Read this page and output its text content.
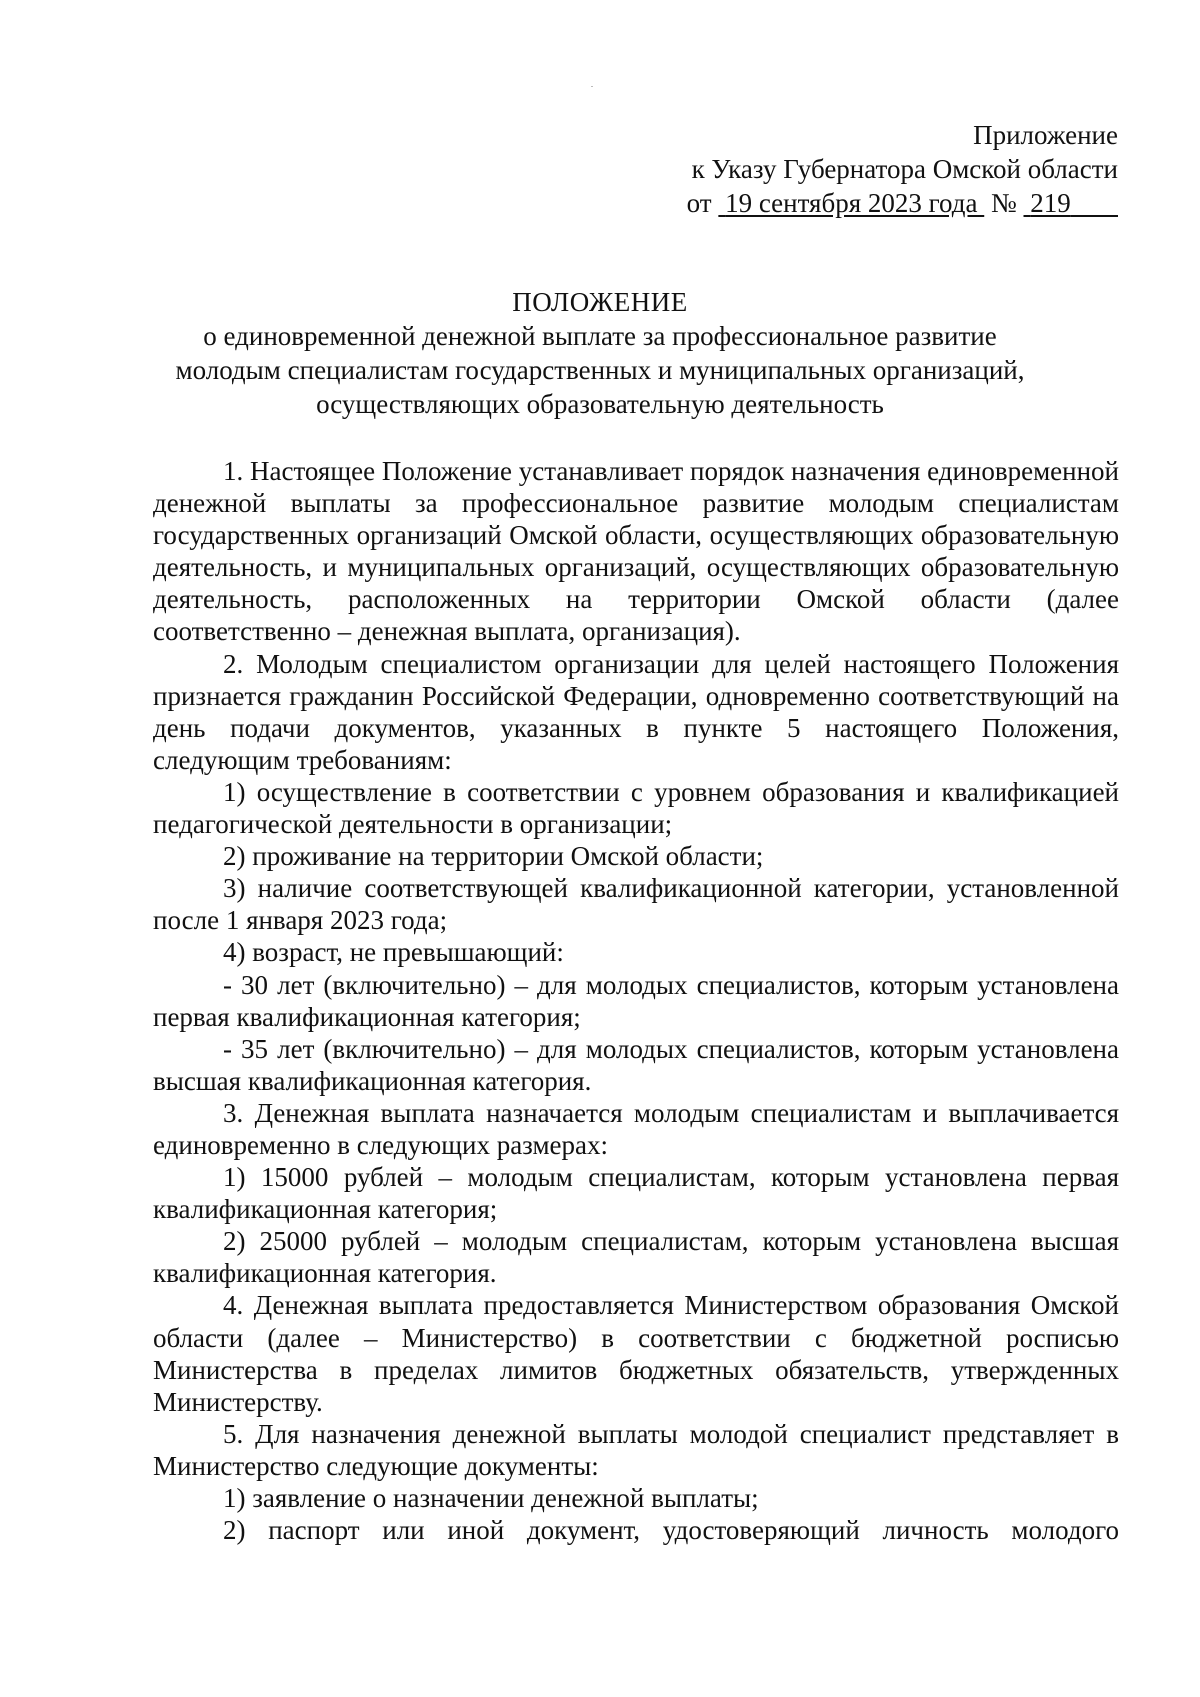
Приложение
к Указу Губернатора Омской области
от 19 сентября 2023 года № 219
ПОЛОЖЕНИЕ
о единовременной денежной выплате за профессиональное развитие
молодым специалистам государственных и муниципальных организаций,
осуществляющих образовательную деятельность

1. Настоящее Положение устанавливает порядок назначения единовременной денежной выплаты за профессиональное развитие молодым специалистам государственных организаций Омской области, осуществляющих образовательную деятельность, и муниципальных организаций, осуществляющих образовательную деятельность, расположенных на территории Омской области (далее соответственно – денежная выплата, организация).

2. Молодым специалистом организации для целей настоящего Положения признается гражданин Российской Федерации, одновременно соответствующий на день подачи документов, указанных в пункте 5 настоящего Положения, следующим требованиям:

1) осуществление в соответствии с уровнем образования и квалификацией педагогической деятельности в организации;

2) проживание на территории Омской области;

3) наличие соответствующей квалификационной категории, установленной после 1 января 2023 года;

4) возраст, не превышающий:

- 30 лет (включительно) – для молодых специалистов, которым установлена первая квалификационная категория;

- 35 лет (включительно) – для молодых специалистов, которым установлена высшая квалификационная категория.

3. Денежная выплата назначается молодым специалистам и выплачивается единовременно в следующих размерах:

1) 15000 рублей – молодым специалистам, которым установлена первая квалификационная категория;

2) 25000 рублей – молодым специалистам, которым установлена высшая квалификационная категория.

4. Денежная выплата предоставляется Министерством образования Омской области (далее – Министерство) в соответствии с бюджетной росписью Министерства в пределах лимитов бюджетных обязательств, утвержденных Министерству.

5. Для назначения денежной выплаты молодой специалист представляет в Министерство следующие документы:

1) заявление о назначении денежной выплаты;

2) паспорт или иной документ, удостоверяющий личность молодого
